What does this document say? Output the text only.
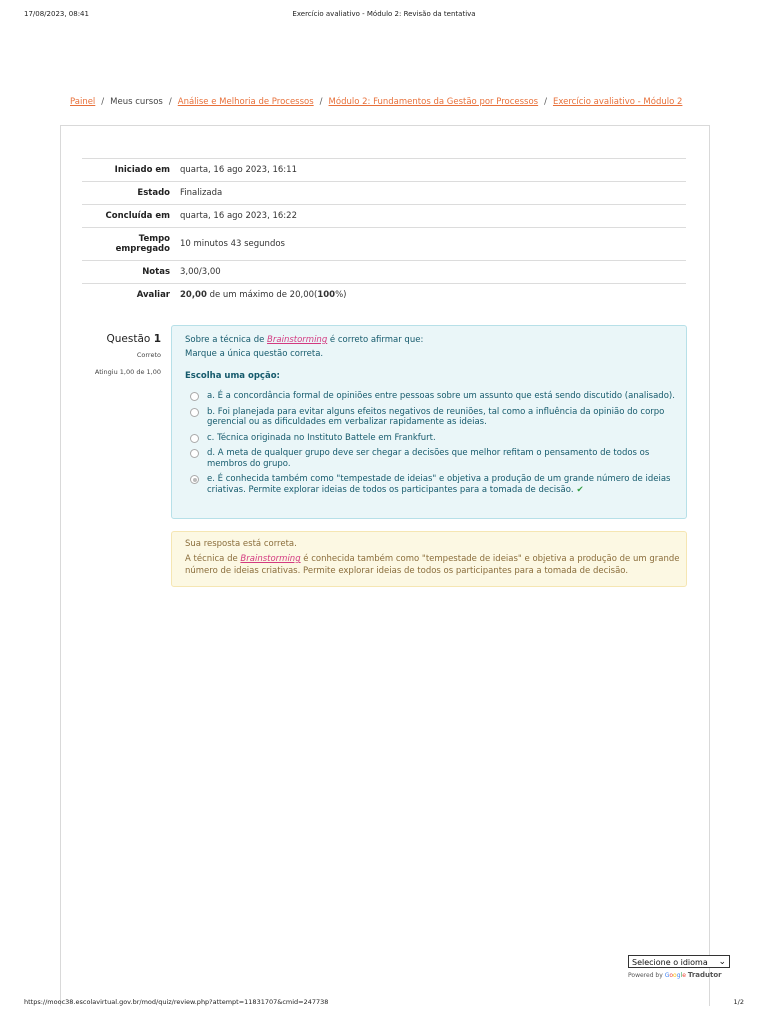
17/08/2023, 08:41	Exercício avaliativo - Módulo 2: Revisão da tentativa
Painel / Meus cursos / Análise e Melhoria de Processos / Módulo 2: Fundamentos da Gestão por Processos / Exercício avaliativo - Módulo 2
Iniciado em	quarta, 16 ago 2023, 16:11
Estado	Finalizada
Concluída em	quarta, 16 ago 2023, 16:22
Tempo empregado	10 minutos 43 segundos
Notas	3,00/3,00
Avaliar	20,00 de um máximo de 20,00(100%)
Questão 1
Correto
Atingiu 1,00 de 1,00
Sobre a técnica de Brainstorming é correto afirmar que:
Marque a única questão correta.
Escolha uma opção:
a. É a concordância formal de opiniões entre pessoas sobre um assunto que está sendo discutido (analisado).
b. Foi planejada para evitar alguns efeitos negativos de reuniões, tal como a influência da opinião do corpo gerencial ou as dificuldades em verbalizar rapidamente as ideias.
c. Técnica originada no Instituto Battele em Frankfurt.
d. A meta de qualquer grupo deve ser chegar a decisões que melhor refitam o pensamento de todos os membros do grupo.
e. É conhecida também como "tempestade de ideias" e objetiva a produção de um grande número de ideias criativas. Permite explorar ideias de todos os participantes para a tomada de decisão. ✔
Sua resposta está correta.
A técnica de Brainstorming é conhecida também como "tempestade de ideias" e objetiva a produção de um grande número de ideias criativas. Permite explorar ideias de todos os participantes para a tomada de decisão.
Selecione o idioma ⌄
Powered by Google Tradutor
https://mooc38.escolavirtual.gov.br/mod/quiz/review.php?attempt=11831707&cmid=247738	1/2
